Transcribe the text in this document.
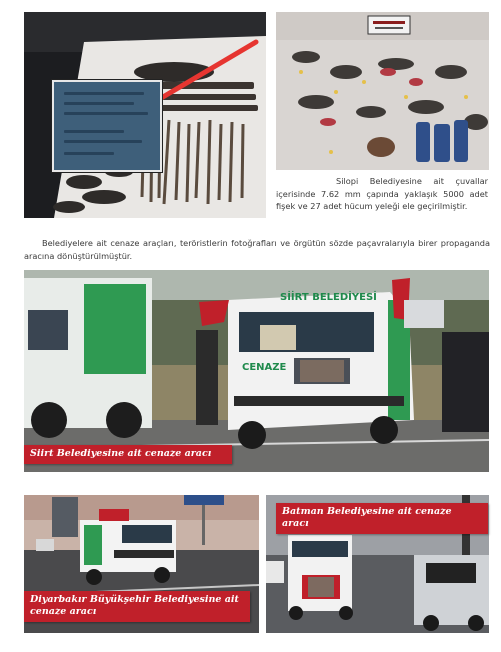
Silopi Belediyesine ait çuvallar içerisinde 7.62 mm çapında yaklaşık 5000 adet fişek ve 27 adet hücum yeleği ele geçirilmiştir.

Belediyelere ait cenaze araçları, teröristlerin fotoğrafları ve örgütün sözde paçavralarıyla birer propaganda aracına dönüştürülmüştür.

SİİRT BELEDİYESİ
CENAZE
Siirt Belediyesine ait cenaze aracı
Diyarbakır Büyükşehir Belediyesine ait cenaze aracı
Batman Belediyesine ait cenaze aracı
